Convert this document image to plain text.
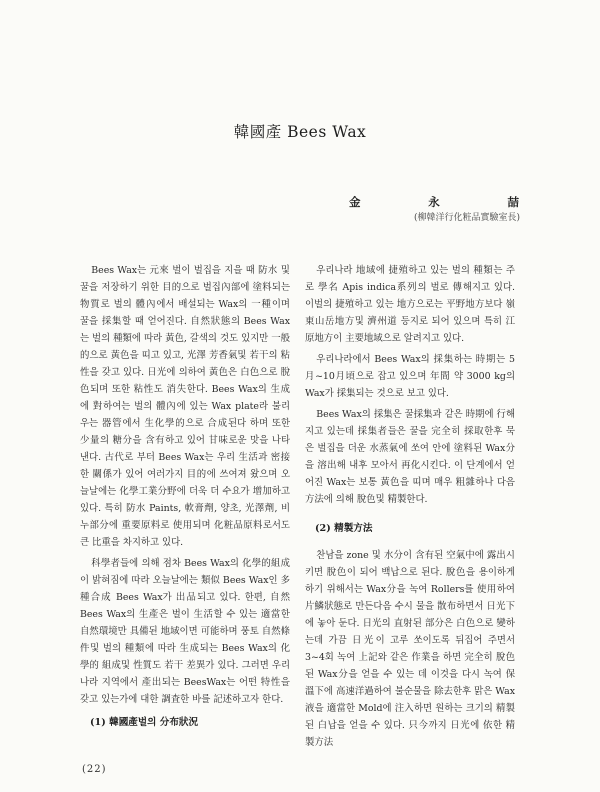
韓國產 Bees Wax
金	永	喆
(柳韓洋行化粧品實驗室長)

Bees Wax는 元來 벌이 벌집을 지을 때 防水 및 꿀을 저장하기 위한 目的으로 벌집內部에 塗料되는 物質로 벌의 體內에서 배설되는 Wax의 一種이며 꿀을 採集할 때 얻어진다. 自然狀態의 Bees Wax는 벌의 種類에 따라 黃色, 갈색의 것도 있지만 一般的으로 黃色을 띠고 있고, 光澤 芳香氣및 若干의 粘性을 갖고 있다. 日光에 의하여 黃色은 白色으로 脫色되며 또한 粘性도 消失한다. Bees Wax의 生成에 對하여는 벌의 體內에 있는 Wax plate라 불리우는 器管에서 生化學的으로 合成된다 하며 또한 少量의 糖分을 含有하고 있어 甘味로운 맛을 나타낸다. 古代로 부터 Bees Wax는 우리 生活과 密接한 關係가 있어 여러가지 目的에 쓰여져 왔으며 오늘날에는 化學工業分野에 더욱 더 수요가 增加하고 있다. 특히 防水 Paints, 軟膏劑, 양초, 光澤劑, 비누部分에 重要原料로 使用되며 化粧品原料로서도 큰 比重을 차지하고 있다.

科學者들에 의해 점차 Bees Wax의 化學的組成이 밝혀짐에 따라 오늘날에는 類似 Bees Wax인 多種合成 Bees Wax가 出品되고 있다. 한편, 自然 Bees Wax의 生產은 벌이 生活할 수 있는 適當한 自然環境만 具備된 地域이면 可能하며 풍토 自然條件및 벌의 種類에 따라 生成되는 Bees Wax의 化學的 組成및 性質도 若干 差異가 있다. 그러면 우리나라 지역에서 產出되는 BeesWax는 어떤 特性을 갖고 있는가에 대한 調査한 바를 記述하고자 한다.

(1) 韓國產벌의 分布狀況

우리나라 地域에 捷殖하고 있는 벌의 種類는 주로 學名 Apis indica系列의 벌로 傳해지고 있다. 이벌의 捷殖하고 있는 地方으로는 平野地方보다 嶺東山岳地方및 濟州道 등지로 되어 있으며 특히 江原地方이 主要地域으로 알려지고 있다.

우리나라에서 Bees Wax의 採集하는 時期는 5月~10月頃으로 잡고 있으며 年間 약 3000 kg의 Wax가 採集되는 것으로 보고 있다.

Bees Wax의 採集은 꿀採集과 같은 時期에 行해지고 있는데 採集者들은 꿀을 完全히 採取한후 묵은 벌집을 더운 水蒸氣에 쏘여 안에 塗料된 Wax分을 溶出해 내후 모아서 再化시킨다. 이 단계에서 얻어진 Wax는 보통 黃色을 띠며 매우 粗雜하나 다음 方法에 의해 脫色및 精製한다.

(2) 精製方法

찬남을 zone 및 水分이 含有된 空氣中에 露出시키면 脫色이 되어 백납으로 된다. 脫色을 용이하게 하기 위해서는 Wax分을 녹여 Rollers를 使用하여 片鱗狀態로 만든다음 수시 물을 散布하면서 日光下에 놓아 둔다. 日光의 直射된 部分은 白色으로 變하는데 가끔 日光이 고루 쏘이도록 뒤집어 주면서 3~4회 녹여 上記와 같은 作業을 하면 完全히 脫色된 Wax分을 얻을 수 있는 데 이것을 다시 녹여 保溫下에 高速洋過하여 불순물을 除去한후 맑은 Wax液을 適當한 Mold에 注入하면 원하는 크기의 精製된 白납을 얻을 수 있다. 只今까지 日光에 依한 精製方法

(22)
